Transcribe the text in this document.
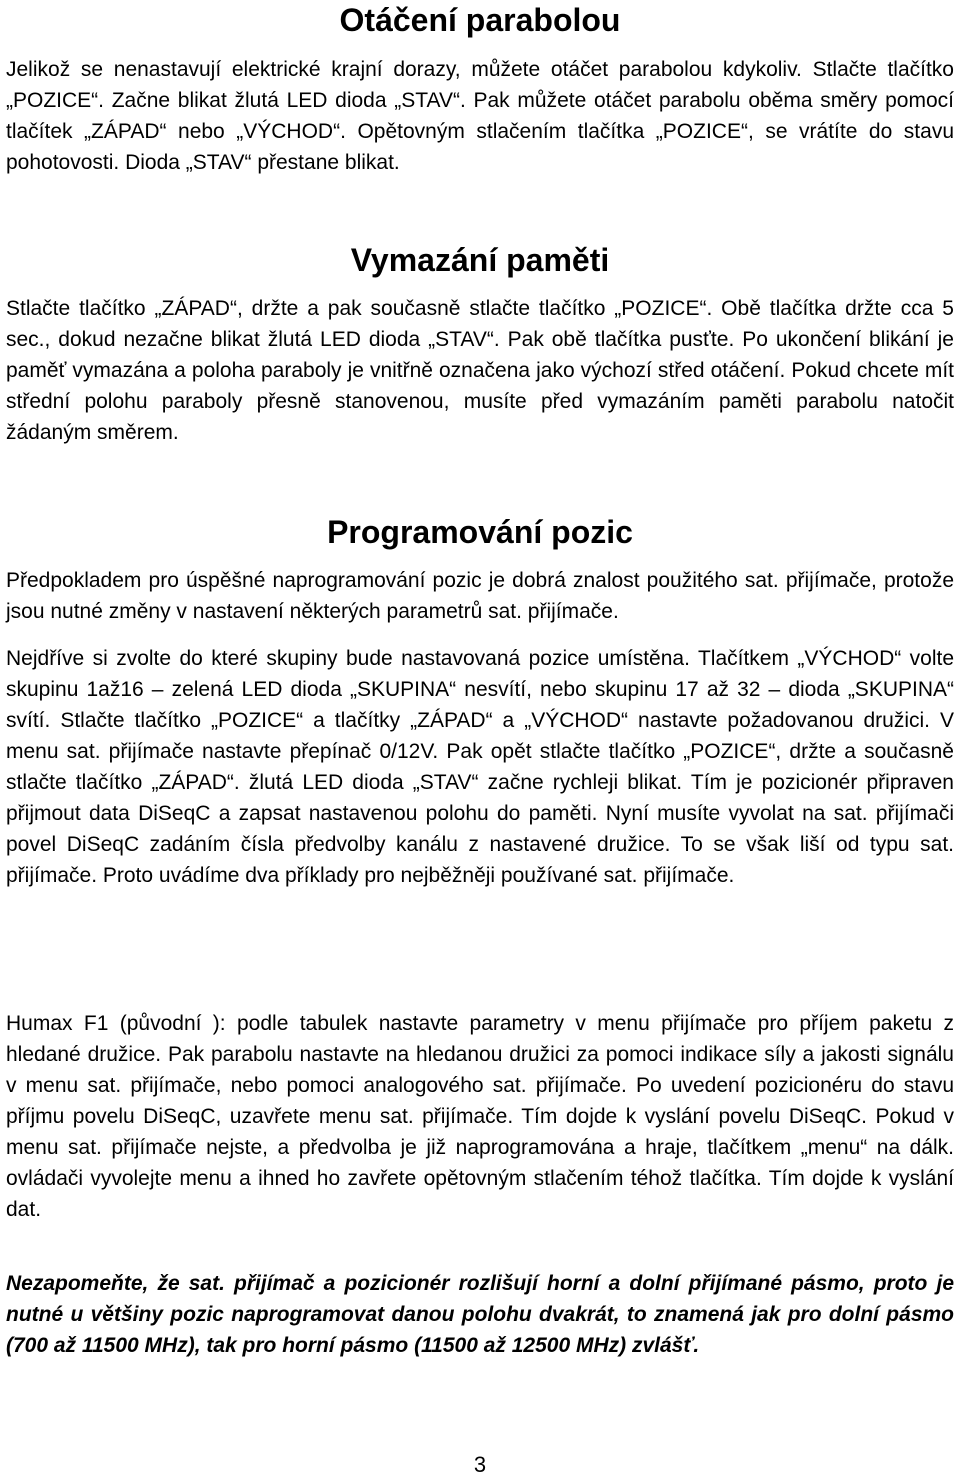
Otáčení parabolou

Jelikož se nenastavují elektrické krajní dorazy, můžete otáčet parabolou kdykoliv. Stlačte tlačítko „POZICE“. Začne blikat žlutá LED dioda „STAV“. Pak můžete otáčet parabolu oběma směry pomocí tlačítek „ZÁPAD“ nebo „VÝCHOD“. Opětovným stlačením tlačítka „POZICE“, se vrátíte do stavu pohotovosti. Dioda „STAV“ přestane blikat.

Vymazání paměti

Stlačte tlačítko „ZÁPAD“, držte a pak současně stlačte tlačítko „POZICE“. Obě tlačítka držte cca 5 sec., dokud nezačne blikat žlutá LED dioda „STAV“. Pak obě tlačítka pusťte. Po ukončení blikání je paměť vymazána a poloha paraboly je vnitřně označena jako výchozí střed otáčení. Pokud chcete mít střední polohu paraboly přesně stanovenou, musíte před vymazáním paměti parabolu natočit žádaným směrem.

Programování pozic

Předpokladem pro úspěšné naprogramování pozic je dobrá znalost použitého sat. přijímače, protože jsou nutné změny v nastavení některých parametrů sat. přijímače.

Nejdříve si zvolte do které skupiny bude nastavovaná pozice umístěna. Tlačítkem „VÝCHOD“ volte skupinu 1až16 – zelená LED dioda „SKUPINA“ nesvítí, nebo skupinu 17 až 32 – dioda „SKUPINA“ svítí. Stlačte tlačítko „POZICE“ a tlačítky „ZÁPAD“ a „VÝCHOD“ nastavte požadovanou družici. V menu sat. přijímače nastavte přepínač 0/12V. Pak opět stlačte tlačítko „POZICE“, držte a současně stlačte tlačítko „ZÁPAD“. žlutá LED dioda „STAV“ začne rychleji blikat. Tím je pozicionér připraven přijmout data DiSeqC a zapsat nastavenou polohu do paměti. Nyní musíte vyvolat na sat. přijímači povel DiSeqC zadáním čísla předvolby kanálu z nastavené družice. To se však liší od typu sat. přijímače. Proto uvádíme dva příklady pro nejběžněji používané sat. přijímače.

Humax F1 (původní ): podle tabulek nastavte parametry v menu přijímače pro příjem paketu z hledané družice. Pak parabolu nastavte na hledanou družici za pomoci indikace síly a jakosti signálu v menu sat. přijímače, nebo pomoci analogového sat. přijímače. Po uvedení pozicionéru do stavu příjmu povelu DiSeqC, uzavřete menu sat. přijímače. Tím dojde k vyslání povelu DiSeqC. Pokud v menu sat. přijímače nejste, a předvolba je již naprogramována a hraje, tlačítkem „menu“ na dálk. ovládači vyvolejte menu a ihned ho zavřete opětovným stlačením téhož tlačítka. Tím dojde k vyslání dat.

Nezapomeňte, že sat. přijímač a pozicionér rozlišují horní a dolní přijímané pásmo, proto je nutné u většiny pozic naprogramovat danou polohu dvakrát, to znamená jak pro dolní pásmo (700 až 11500 MHz), tak pro horní pásmo (11500 až 12500 MHz) zvlášť.

3
